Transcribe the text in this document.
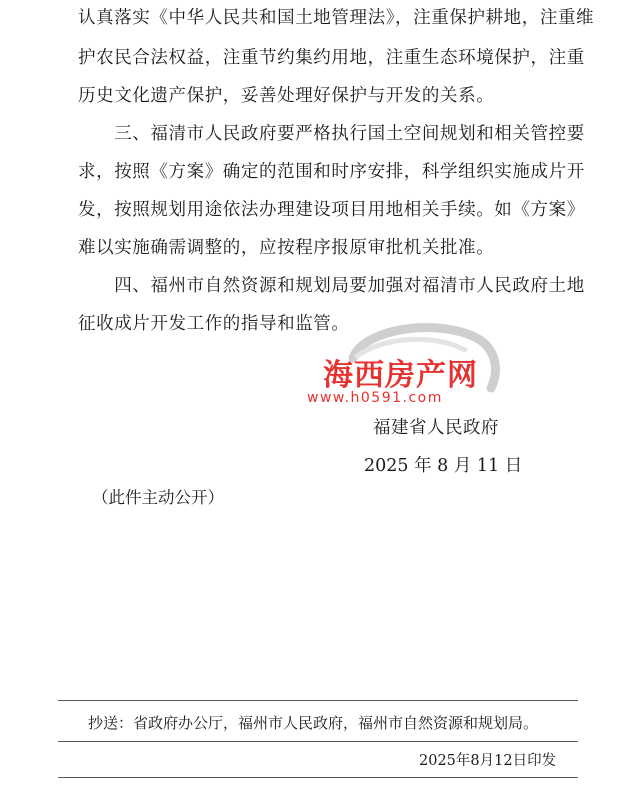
认真落实《中华人民共和国土地管理法》，注重保护耕地，注重维
护农民合法权益，注重节约集约用地，注重生态环境保护，注重
历史文化遗产保护，妥善处理好保护与开发的关系。
　　三、福清市人民政府要严格执行国土空间规划和相关管控要
求，按照《方案》确定的范围和时序安排，科学组织实施成片开
发，按照规划用途依法办理建设项目用地相关手续。如《方案》
难以实施确需调整的，应按程序报原审批机关批准。
　　四、福州市自然资源和规划局要加强对福清市人民政府土地
征收成片开发工作的指导和监管。
海西房产网
www.h0591.com
福建省人民政府
2025 年 8 月 11 日
（此件主动公开）
抄送：省政府办公厅，福州市人民政府，福州市自然资源和规划局。
2025年8月12日印发
